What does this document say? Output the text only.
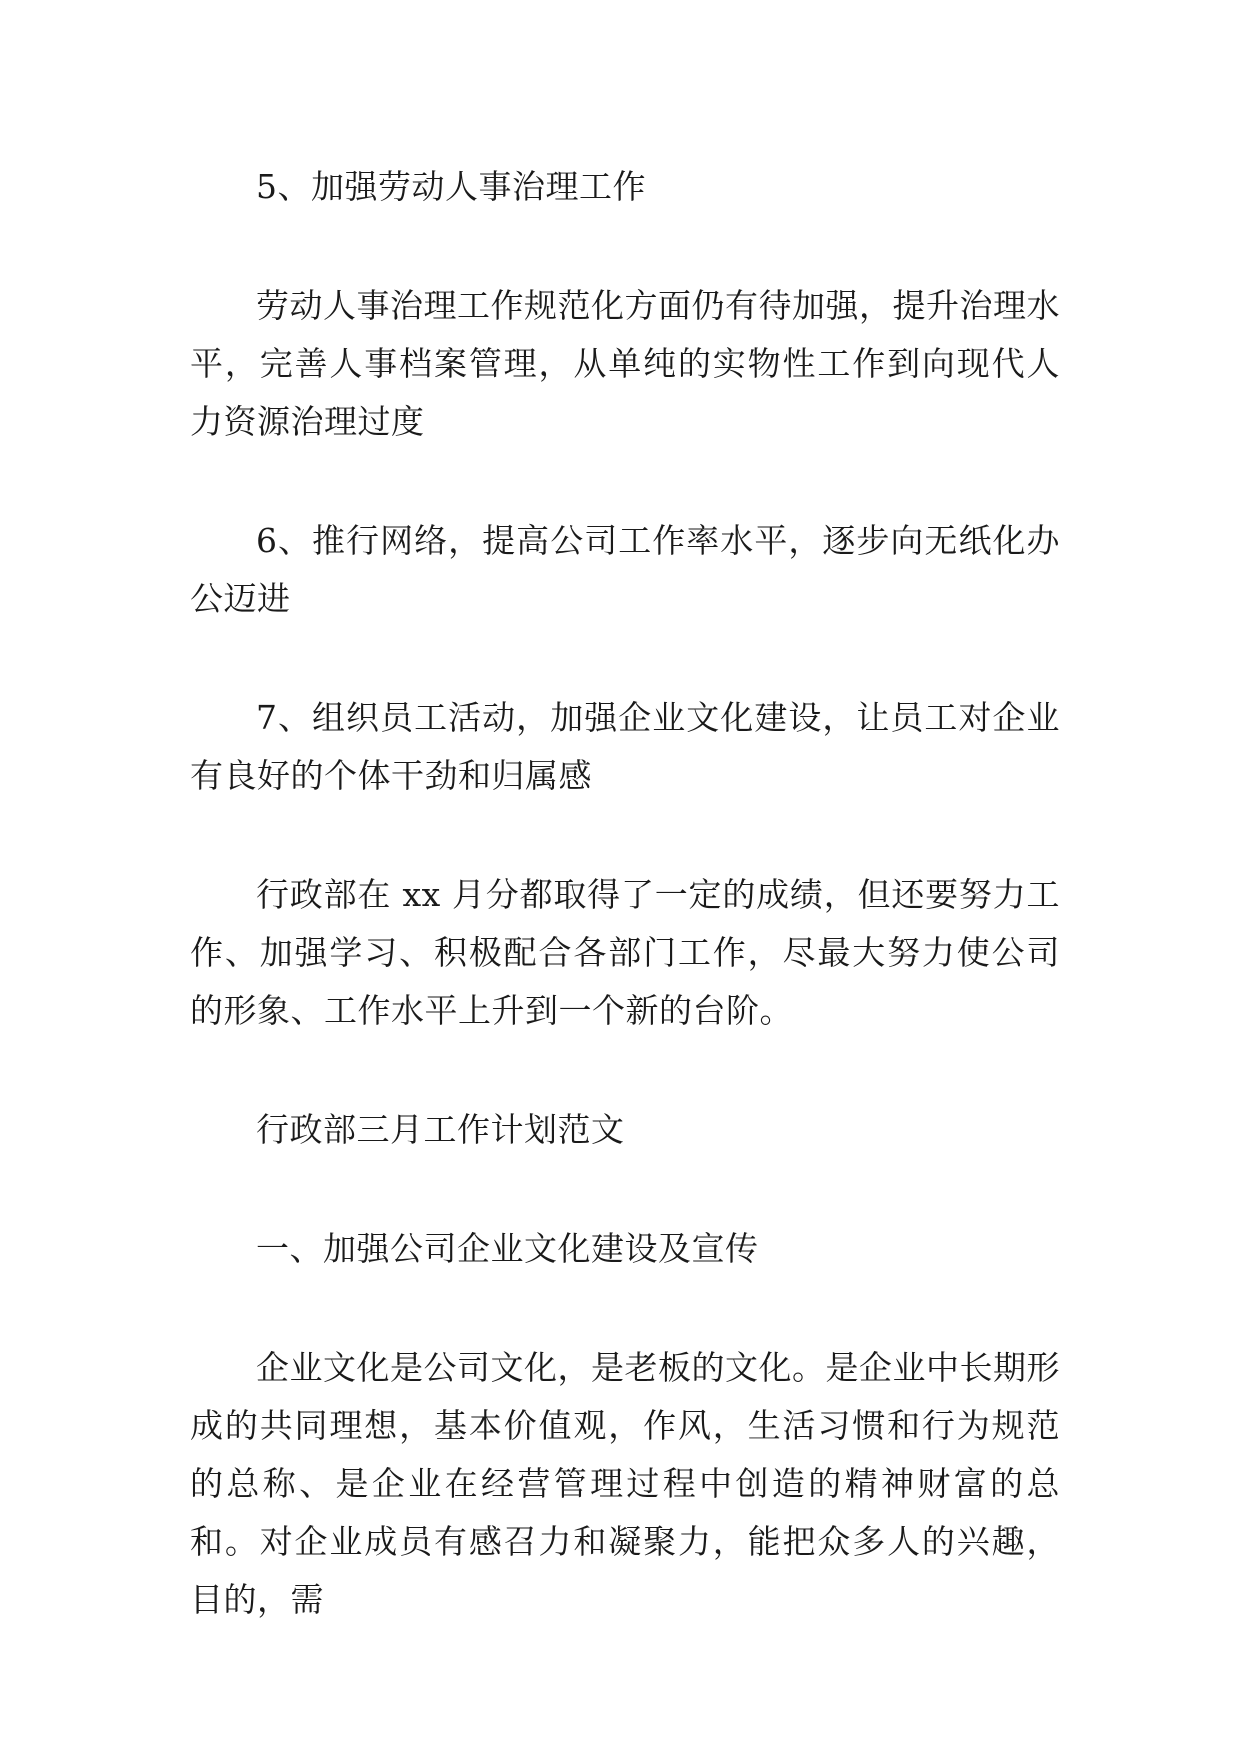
5、加强劳动人事治理工作

劳动人事治理工作规范化方面仍有待加强，提升治理水平，完善人事档案管理，从单纯的实物性工作到向现代人力资源治理过度

6、推行网络，提高公司工作率水平，逐步向无纸化办公迈进

7、组织员工活动，加强企业文化建设，让员工对企业有良好的个体干劲和归属感

行政部在 xx 月分都取得了一定的成绩，但还要努力工作、加强学习、积极配合各部门工作，尽最大努力使公司的形象、工作水平上升到一个新的台阶。

行政部三月工作计划范文

一、加强公司企业文化建设及宣传

企业文化是公司文化，是老板的文化。是企业中长期形成的共同理想，基本价值观，作风，生活习惯和行为规范的总称、是企业在经营管理过程中创造的精神财富的总和。对企业成员有感召力和凝聚力，能把众多人的兴趣，目的，需
